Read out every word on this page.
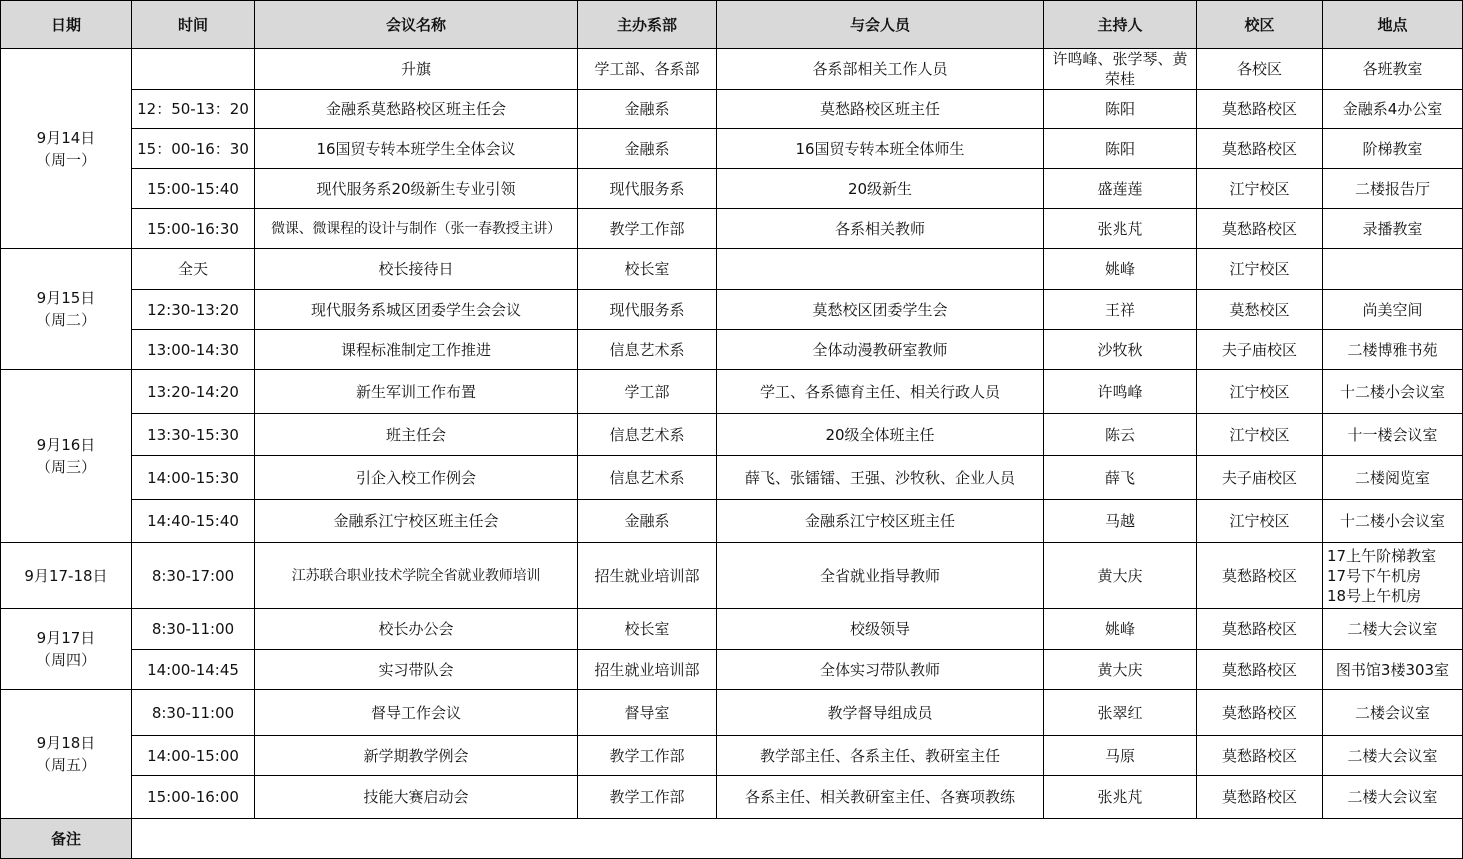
日期	时间	会议名称	主办系部	与会人员	主持人	校区	地点

9月14日
（周一）		升旗	学工部、各系部	各系部相关工作人员	许鸣峰、张学琴、黄荣桂	各校区	各班教室
	12：50-13：20	金融系莫愁路校区班主任会	金融系	莫愁路校区班主任	陈阳	莫愁路校区	金融系4办公室
	15：00-16：30	16国贸专转本班学生全体会议	金融系	16国贸专转本班全体师生	陈阳	莫愁路校区	阶梯教室
	15:00-15:40	现代服务系20级新生专业引领	现代服务系	20级新生	盛莲莲	江宁校区	二楼报告厅
	15:00-16:30	微课、微课程的设计与制作（张一春教授主讲）	教学工作部	各系相关教师	张兆芃	莫愁路校区	录播教室

9月15日
（周二）	全天	校长接待日	校长室		姚峰	江宁校区	
	12:30-13:20	现代服务系城区团委学生会会议	现代服务系	莫愁校区团委学生会	王祥	莫愁校区	尚美空间
	13:00-14:30	课程标准制定工作推进	信息艺术系	全体动漫教研室教师	沙牧秋	夫子庙校区	二楼博雅书苑

9月16日
（周三）	13:20-14:20	新生军训工作布置	学工部	学工、各系德育主任、相关行政人员	许鸣峰	江宁校区	十二楼小会议室
	13:30-15:30	班主任会	信息艺术系	20级全体班主任	陈云	江宁校区	十一楼会议室
	14:00-15:30	引企入校工作例会	信息艺术系	薛飞、张镭镭、王强、沙牧秋、企业人员	薛飞	夫子庙校区	二楼阅览室
	14:40-15:40	金融系江宁校区班主任会	金融系	金融系江宁校区班主任	马越	江宁校区	十二楼小会议室

9月17-18日	8:30-17:00	江苏联合职业技术学院全省就业教师培训	招生就业培训部	全省就业指导教师	黄大庆	莫愁路校区	17上午阶梯教室
17号下午机房
18号上午机房

9月17日
（周四）	8:30-11:00	校长办公会	校长室	校级领导	姚峰	莫愁路校区	二楼大会议室
	14:00-14:45	实习带队会	招生就业培训部	全体实习带队教师	黄大庆	莫愁路校区	图书馆3楼303室

9月18日
（周五）	8:30-11:00	督导工作会议	督导室	教学督导组成员	张翠红	莫愁路校区	二楼会议室
	14:00-15:00	新学期教学例会	教学工作部	教学部主任、各系主任、教研室主任	马原	莫愁路校区	二楼大会议室
	15:00-16:00	技能大赛启动会	教学工作部	各系主任、相关教研室主任、各赛项教练	张兆芃	莫愁路校区	二楼大会议室
备注							
